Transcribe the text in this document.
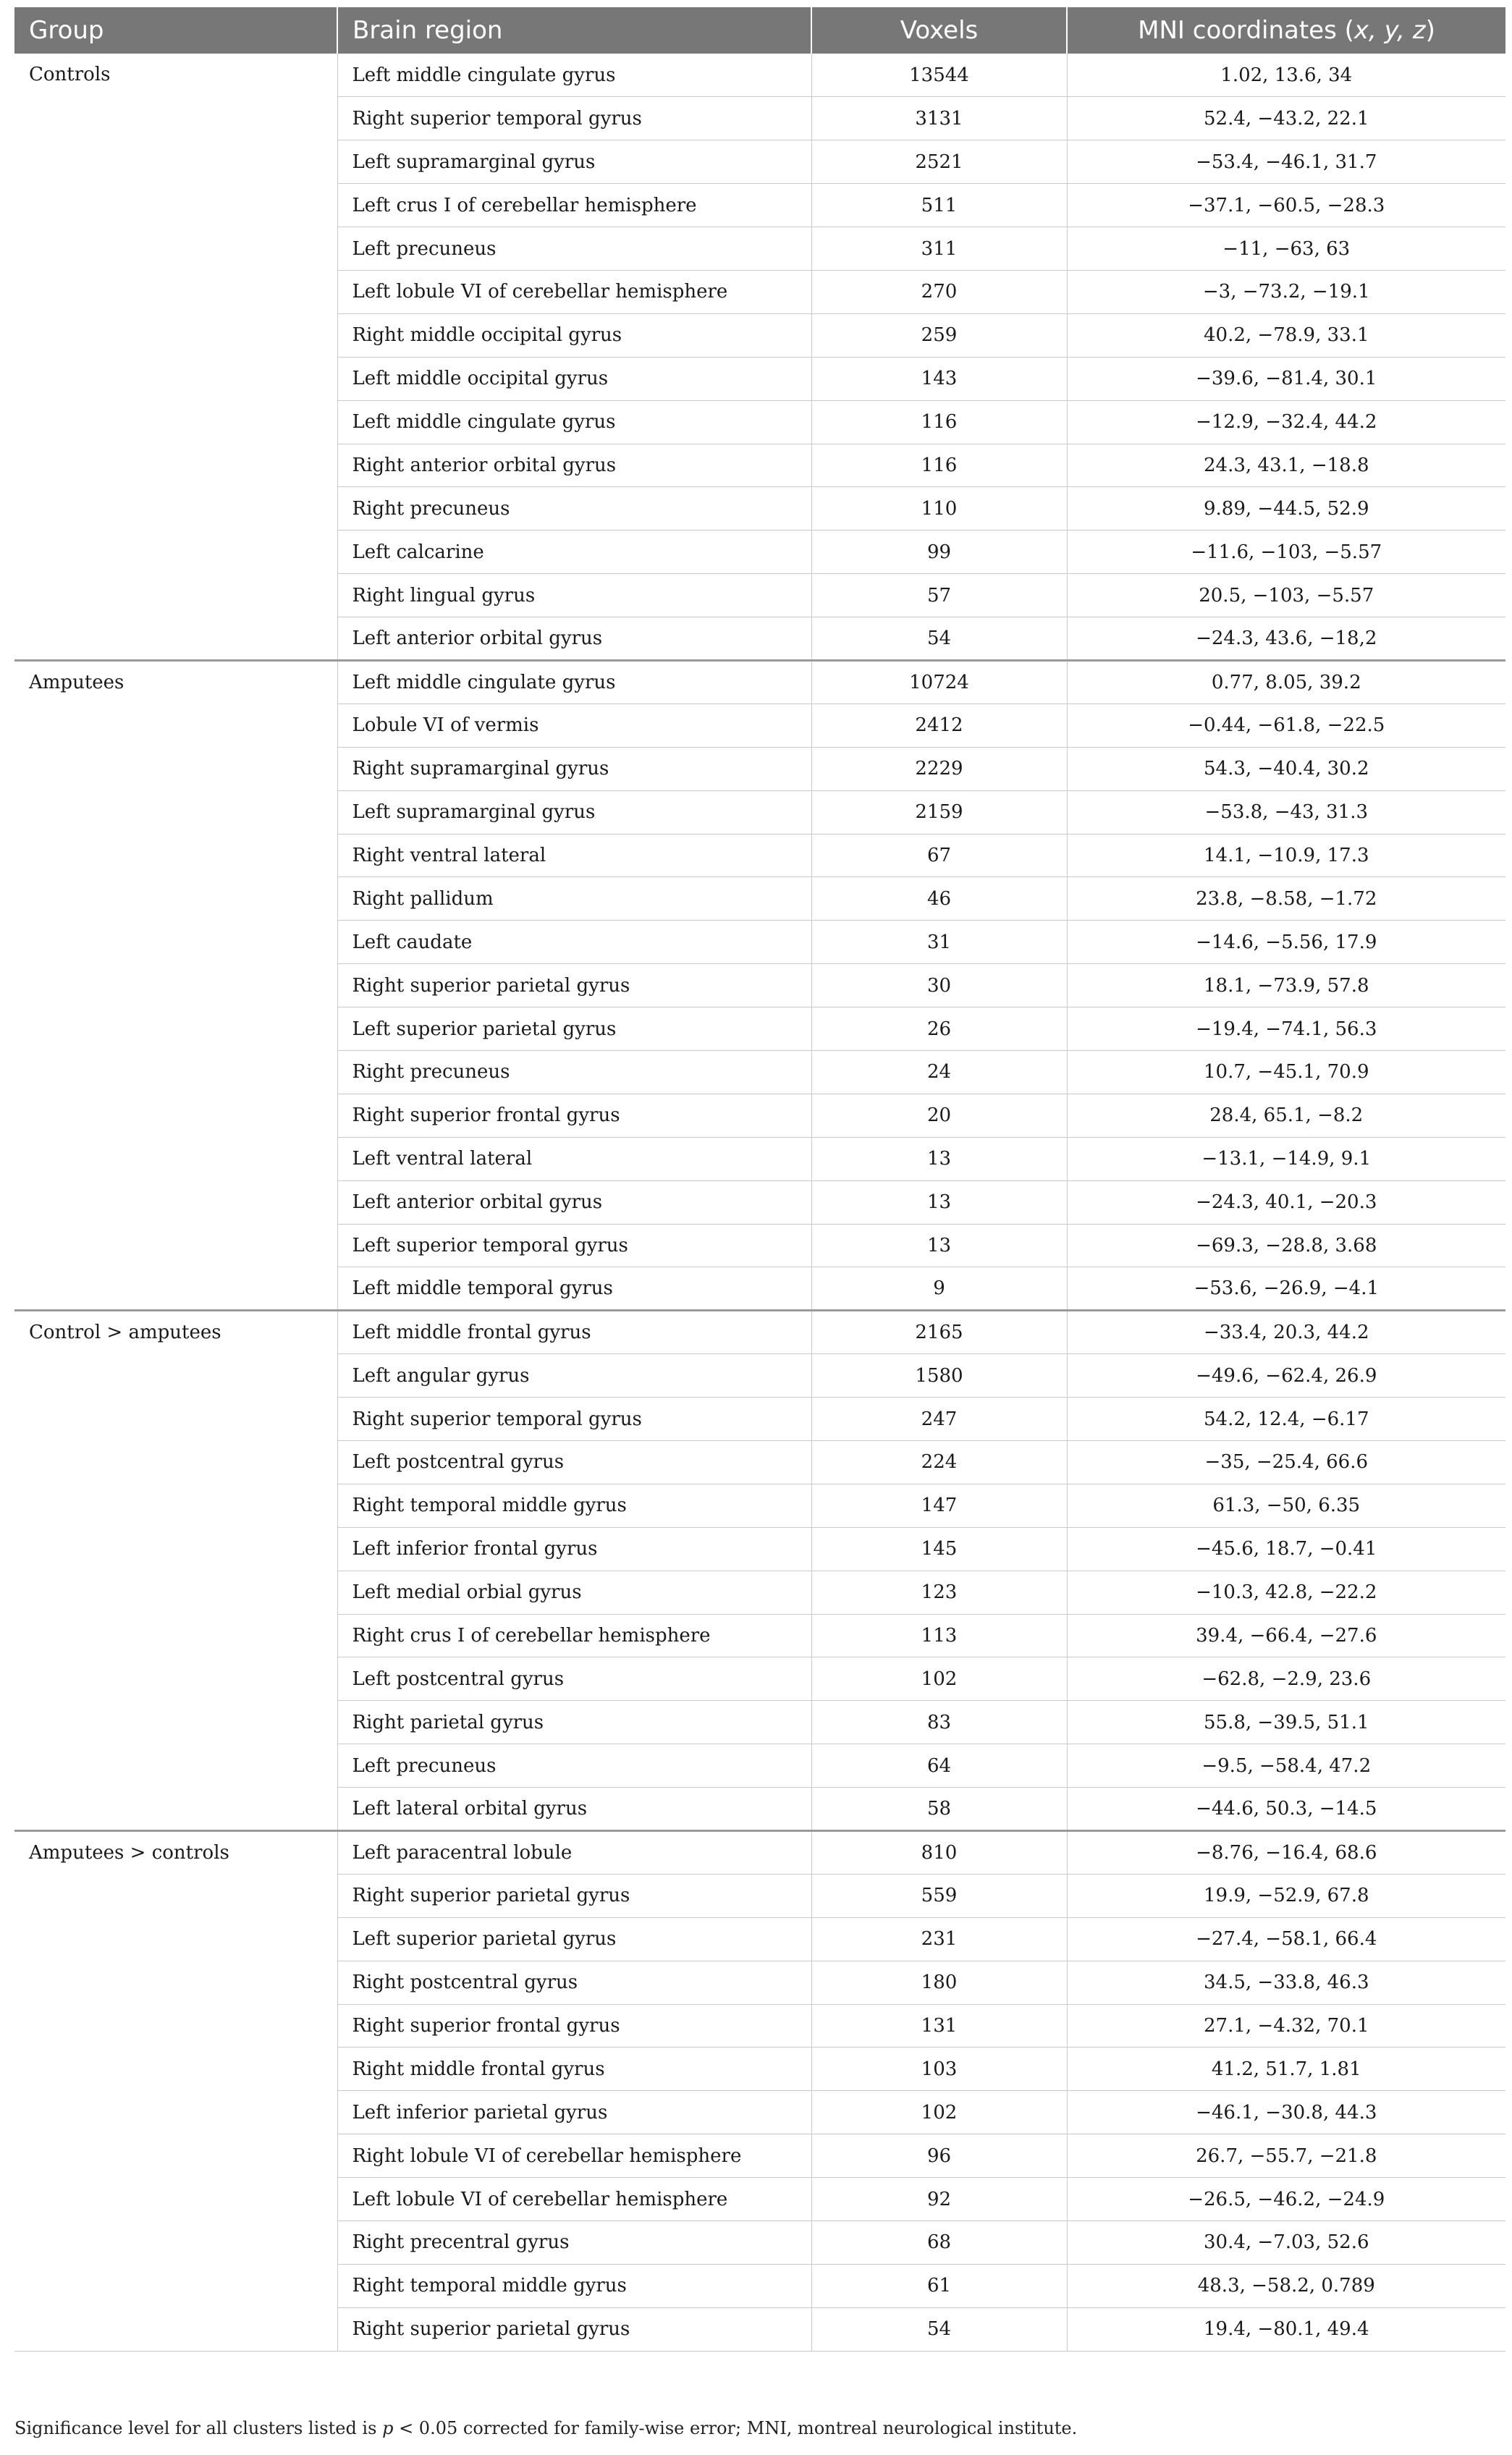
Group	Brain region	Voxels	MNI coordinates (x, y, z)
Controls	Left middle cingulate gyrus	13544	1.02, 13.6, 34
	Right superior temporal gyrus	3131	52.4, −43.2, 22.1
	Left supramarginal gyrus	2521	−53.4, −46.1, 31.7
	Left crus I of cerebellar hemisphere	511	−37.1, −60.5, −28.3
	Left precuneus	311	−11, −63, 63
	Left lobule VI of cerebellar hemisphere	270	−3, −73.2, −19.1
	Right middle occipital gyrus	259	40.2, −78.9, 33.1
	Left middle occipital gyrus	143	−39.6, −81.4, 30.1
	Left middle cingulate gyrus	116	−12.9, −32.4, 44.2
	Right anterior orbital gyrus	116	24.3, 43.1, −18.8
	Right precuneus	110	9.89, −44.5, 52.9
	Left calcarine	99	−11.6, −103, −5.57
	Right lingual gyrus	57	20.5, −103, −5.57
	Left anterior orbital gyrus	54	−24.3, 43.6, −18,2
Amputees	Left middle cingulate gyrus	10724	0.77, 8.05, 39.2
	Lobule VI of vermis	2412	−0.44, −61.8, −22.5
	Right supramarginal gyrus	2229	54.3, −40.4, 30.2
	Left supramarginal gyrus	2159	−53.8, −43, 31.3
	Right ventral lateral	67	14.1, −10.9, 17.3
	Right pallidum	46	23.8, −8.58, −1.72
	Left caudate	31	−14.6, −5.56, 17.9
	Right superior parietal gyrus	30	18.1, −73.9, 57.8
	Left superior parietal gyrus	26	−19.4, −74.1, 56.3
	Right precuneus	24	10.7, −45.1, 70.9
	Right superior frontal gyrus	20	28.4, 65.1, −8.2
	Left ventral lateral	13	−13.1, −14.9, 9.1
	Left anterior orbital gyrus	13	−24.3, 40.1, −20.3
	Left superior temporal gyrus	13	−69.3, −28.8, 3.68
	Left middle temporal gyrus	9	−53.6, −26.9, −4.1
Control > amputees	Left middle frontal gyrus	2165	−33.4, 20.3, 44.2
	Left angular gyrus	1580	−49.6, −62.4, 26.9
	Right superior temporal gyrus	247	54.2, 12.4, −6.17
	Left postcentral gyrus	224	−35, −25.4, 66.6
	Right temporal middle gyrus	147	61.3, −50, 6.35
	Left inferior frontal gyrus	145	−45.6, 18.7, −0.41
	Left medial orbial gyrus	123	−10.3, 42.8, −22.2
	Right crus I of cerebellar hemisphere	113	39.4, −66.4, −27.6
	Left postcentral gyrus	102	−62.8, −2.9, 23.6
	Right parietal gyrus	83	55.8, −39.5, 51.1
	Left precuneus	64	−9.5, −58.4, 47.2
	Left lateral orbital gyrus	58	−44.6, 50.3, −14.5
Amputees > controls	Left paracentral lobule	810	−8.76, −16.4, 68.6
	Right superior parietal gyrus	559	19.9, −52.9, 67.8
	Left superior parietal gyrus	231	−27.4, −58.1, 66.4
	Right postcentral gyrus	180	34.5, −33.8, 46.3
	Right superior frontal gyrus	131	27.1, −4.32, 70.1
	Right middle frontal gyrus	103	41.2, 51.7, 1.81
	Left inferior parietal gyrus	102	−46.1, −30.8, 44.3
	Right lobule VI of cerebellar hemisphere	96	26.7, −55.7, −21.8
	Left lobule VI of cerebellar hemisphere	92	−26.5, −46.2, −24.9
	Right precentral gyrus	68	30.4, −7.03, 52.6
	Right temporal middle gyrus	61	48.3, −58.2, 0.789
	Right superior parietal gyrus	54	19.4, −80.1, 49.4
Significance level for all clusters listed is p < 0.05 corrected for family-wise error; MNI, montreal neurological institute.
